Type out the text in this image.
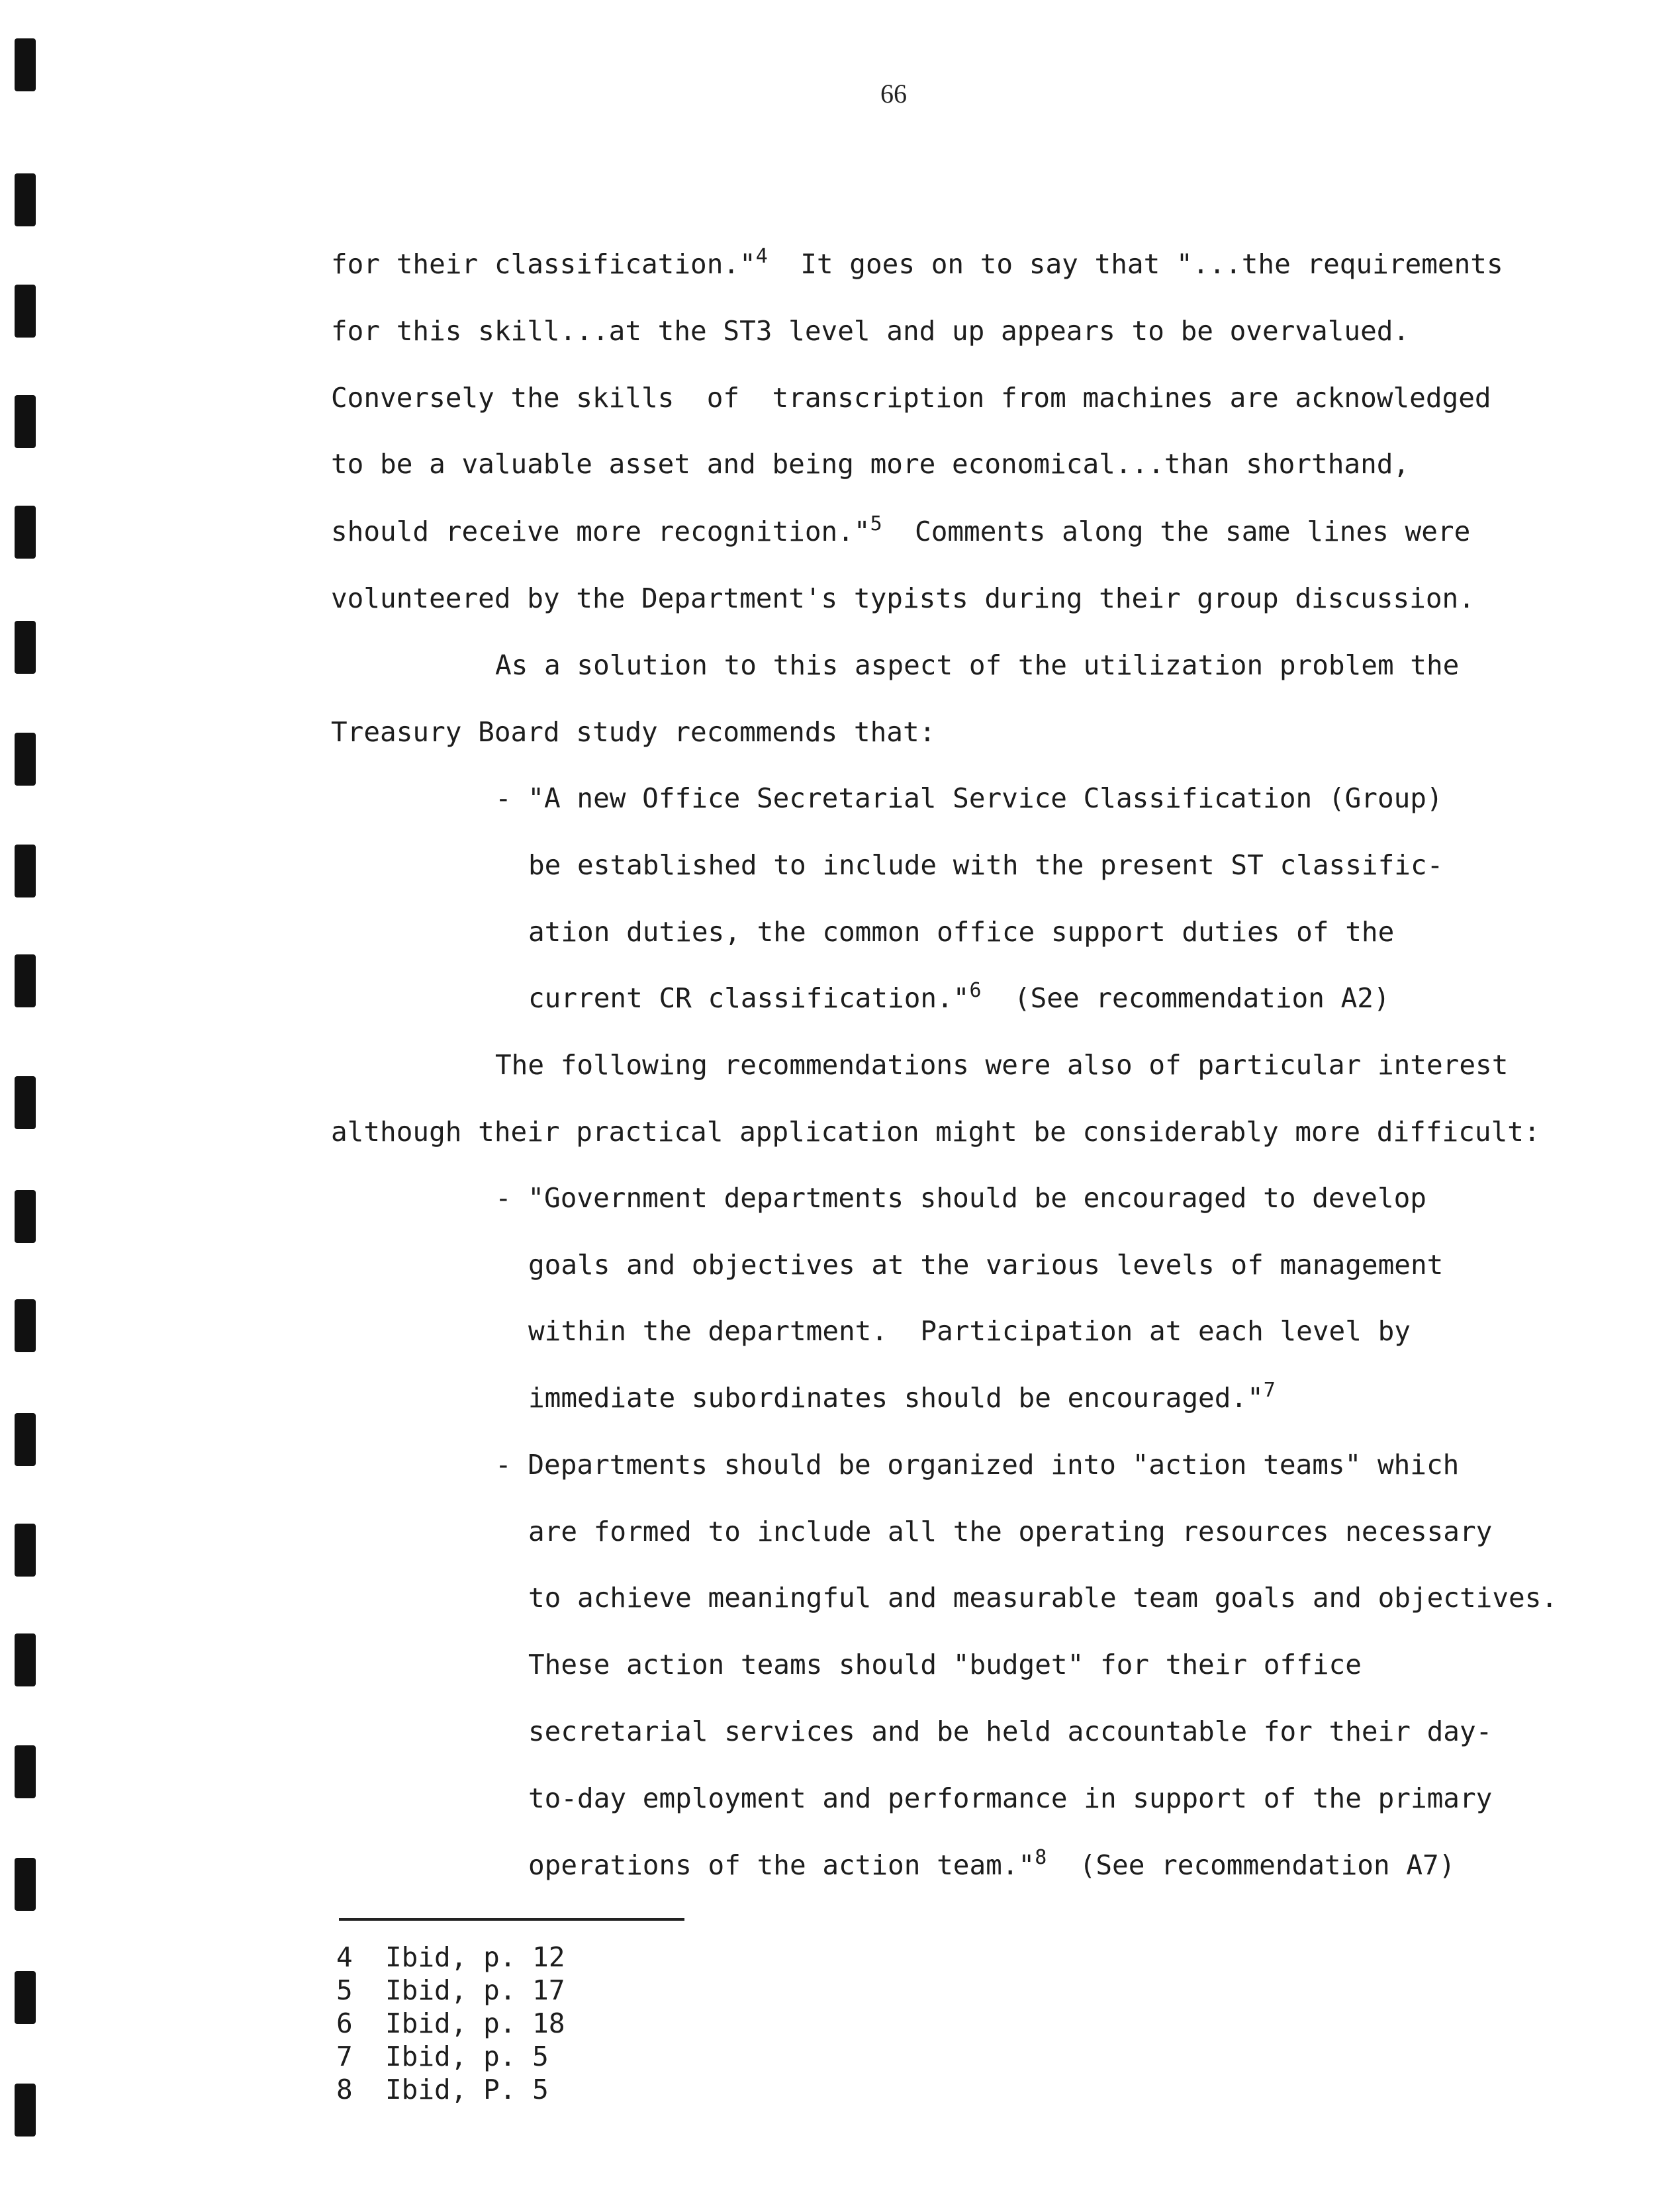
66
for their classification."$^4$  It goes on to say that "...the requirements
for this skill...at the ST3 level and up appears to be overvalued.
Conversely the skills  of  transcription from machines are acknowledged
to be a valuable asset and being more economical...than shorthand,
should receive more recognition."$^5$  Comments along the same lines were
volunteered by the Department's typists during their group discussion.
As a solution to this aspect of the utilization problem the
Treasury Board study recommends that:
- "A new Office Secretarial Service Classification (Group)
be established to include with the present ST classific-
ation duties, the common office support duties of the
current CR classification."$^6$  (See recommendation A2)
The following recommendations were also of particular interest
although their practical application might be considerably more difficult:
- "Government departments should be encouraged to develop
goals and objectives at the various levels of management
within the department.  Participation at each level by
immediate subordinates should be encouraged."$^7$
- Departments should be organized into "action teams" which
are formed to include all the operating resources necessary
to achieve meaningful and measurable team goals and objectives.
These action teams should "budget" for their office
secretarial services and be held accountable for their day-
to-day employment and performance in support of the primary
operations of the action team."$^8$  (See recommendation A7)
4 Ibid, p. 12
5 Ibid, p. 17
6 Ibid, p. 18
7 Ibid, p. 5
8 Ibid, P. 5
